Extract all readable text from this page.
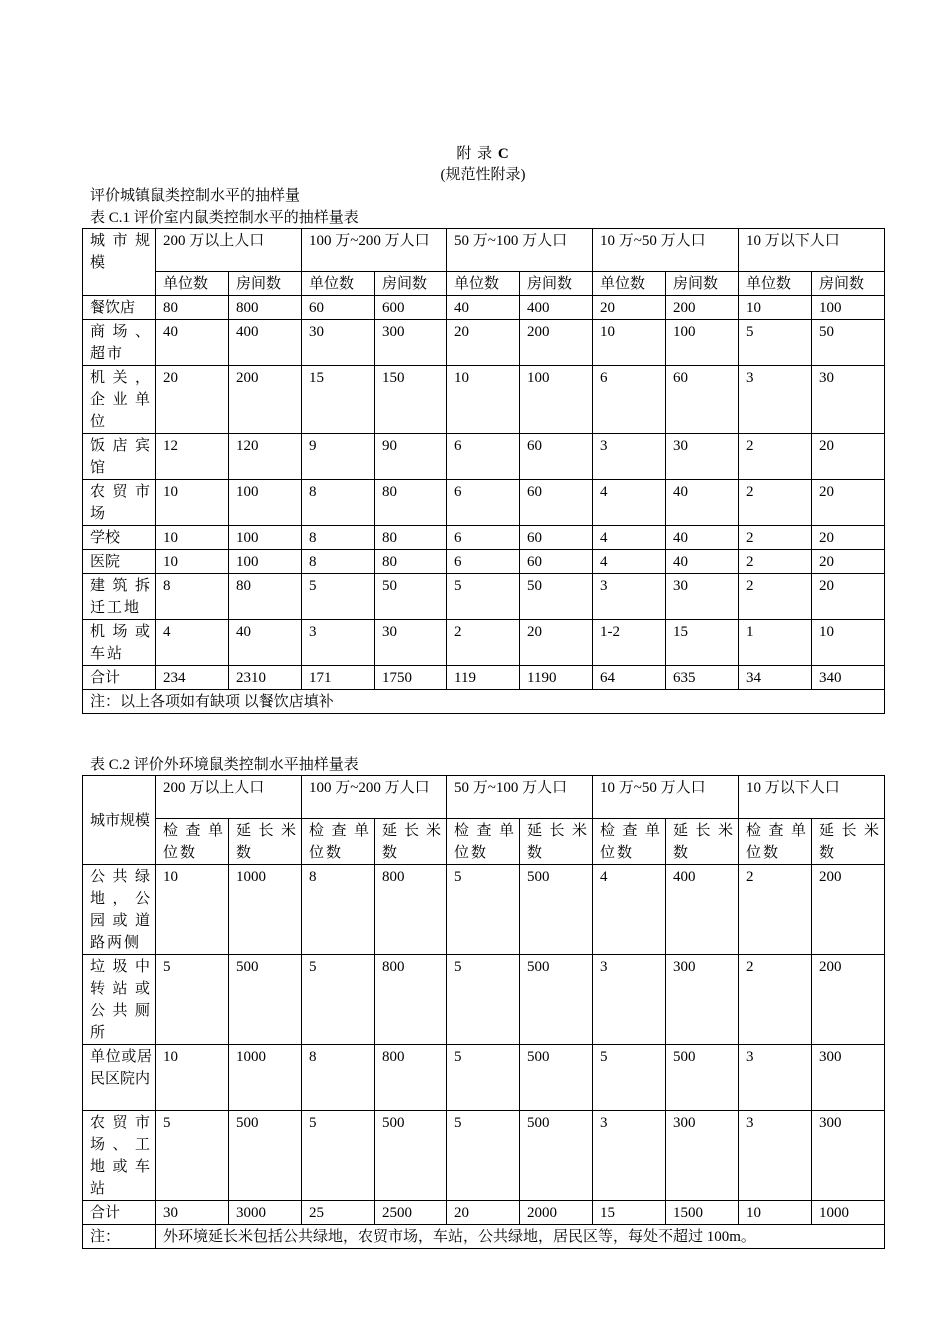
附 录 C
(规范性附录)
评价城镇鼠类控制水平的抽样量
表 C.1 评价室内鼠类控制水平的抽样量表
城市规模	200 万以上人口		100 万~200 万人口		50 万~100 万人口		10 万~50 万人口		10 万以下人口	
	单位数	房间数	单位数	房间数	单位数	房间数	单位数	房间数	单位数	房间数
餐饮店	80	800	60	600	40	400	20	200	10	100
商场、超市	40	400	30	300	20	200	10	100	5	50
机关，企业单位	20	200	15	150	10	100	6	60	3	30
饭店宾馆	12	120	9	90	6	60	3	30	2	20
农贸市场	10	100	8	80	6	60	4	40	2	20
学校	10	100	8	80	6	60	4	40	2	20
医院	10	100	8	80	6	60	4	40	2	20
建筑拆迁工地	8	80	5	50	5	50	3	30	2	20
机场或车站	4	40	3	30	2	20	1-2	15	1	10
合计	234	2310	171	1750	119	1190	64	635	34	340
注：以上各项如有缺项 以餐饮店填补										
表 C.2 评价外环境鼠类控制水平抽样量表
城市规模	200 万以上人口		100 万~200 万人口		50 万~100 万人口		10 万~50 万人口		10 万以下人口	
	检查单位数	延长米数	检查单位数	延长米数	检查单位数	延长米数	检查单位数	延长米数	检查单位数	延长米数
公共绿地，公园或道路两侧	10	1000	8	800	5	500	4	400	2	200
垃圾中转站或公共厕所	5	500	5	800	5	500	3	300	2	200
单位或居民区院内	10	1000	8	800	5	500	5	500	3	300
农贸市场、工地或车站	5	500	5	500	5	500	3	300	3	300
合计	30	3000	25	2500	20	2000	15	1500	10	1000
注：	外环境延长米包括公共绿地，农贸市场，车站，公共绿地，居民区等，每处不超过 100m。									
